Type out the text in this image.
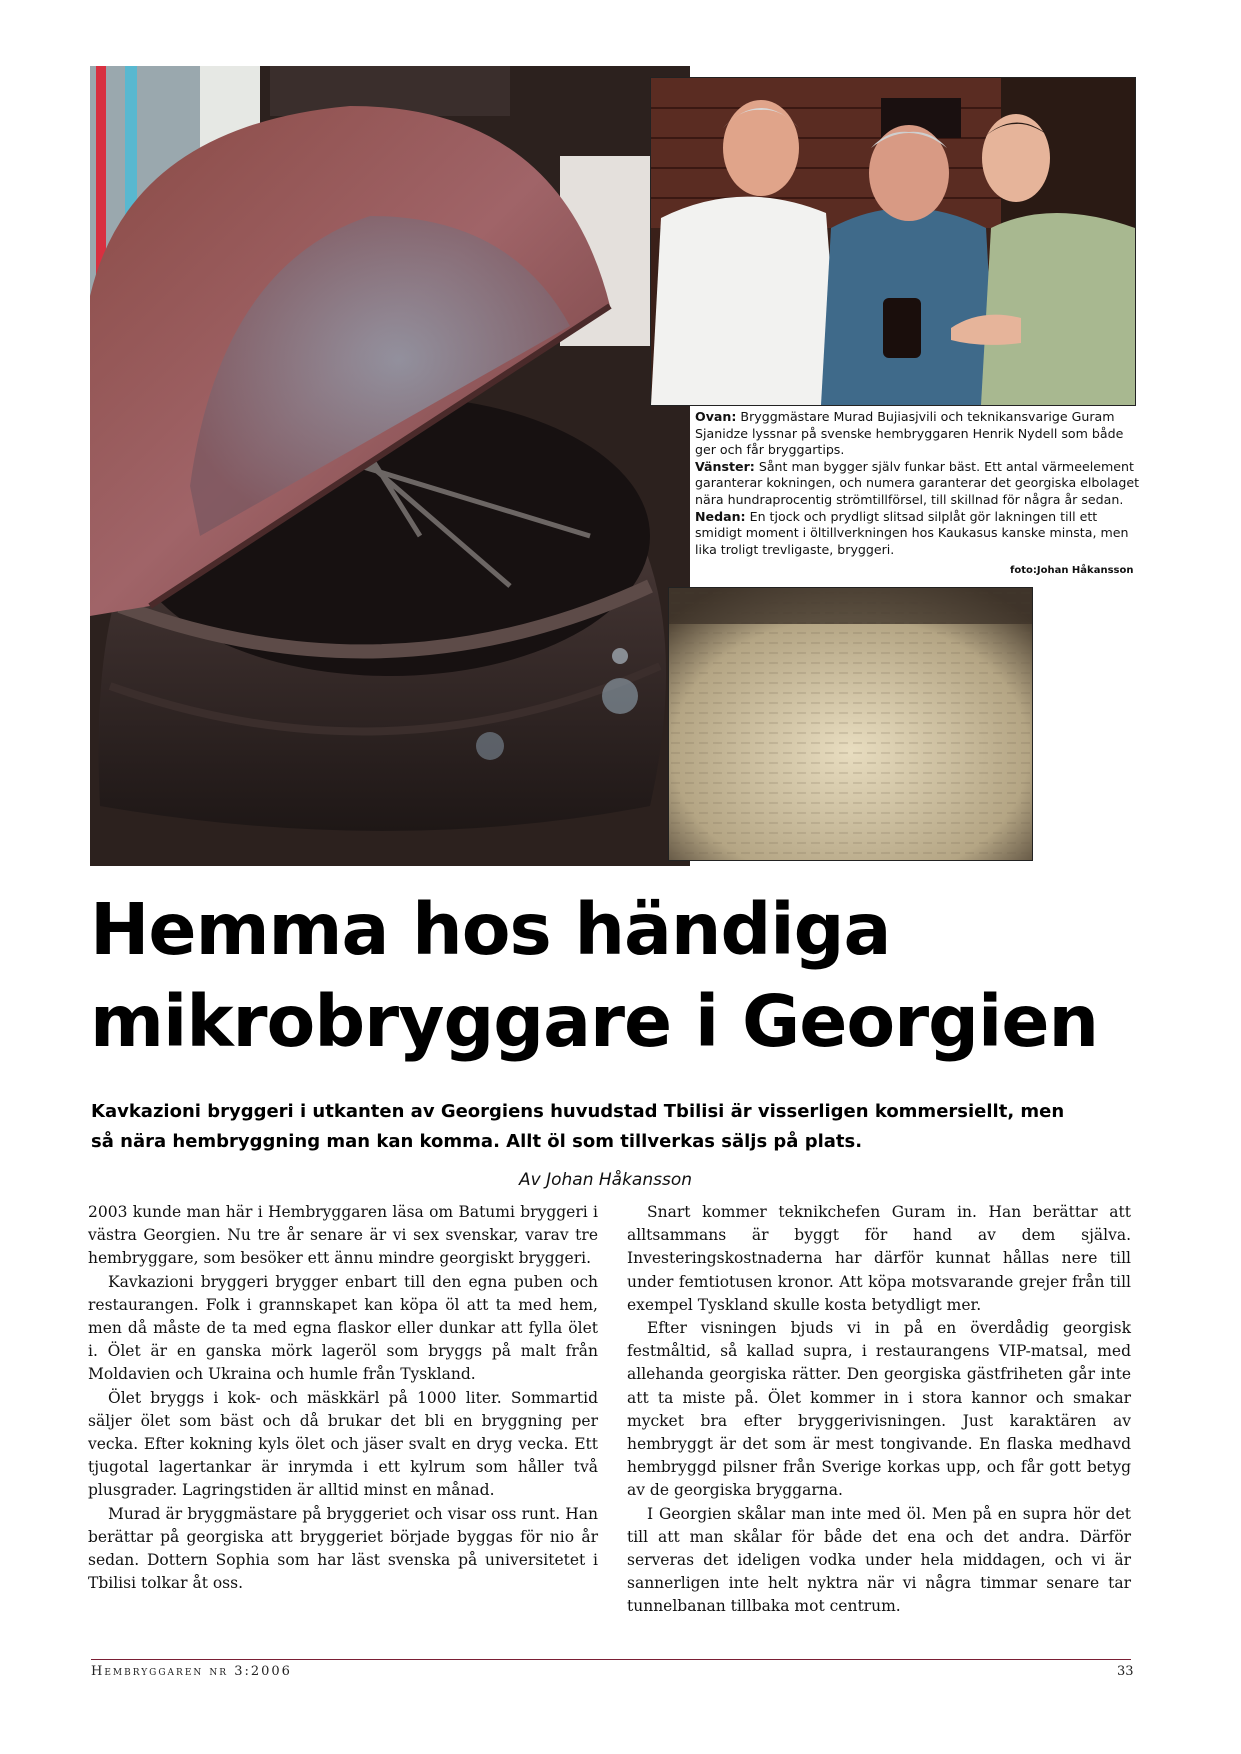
Ovan: Bryggmästare Murad Bujiasjvili och teknikansvarige Guram Sjanidze lyssnar på svenske hembryggaren Henrik Nydell som både ger och får bryggartips.

Vänster: Sånt man bygger själv funkar bäst. Ett antal värmeelement garanterar kokningen, och numera garanterar det georgiska elbolaget nära hundraprocentig strömtillförsel, till skillnad för några år sedan.

Nedan: En tjock och prydligt slitsad silplåt gör lakningen till ett smidigt moment i öltillverkningen hos Kaukasus kanske minsta, men lika troligt trevligaste, bryggeri.

foto:Johan Håkansson
Hemma hos händiga
mikrobryggare i Georgien

Kavkazioni bryggeri i utkanten av Georgiens huvudstad Tbilisi är visserligen kommersiellt, men så nära hembryggning man kan komma. Allt öl som tillverkas säljs på plats.

Av Johan Håkansson

2003 kunde man här i Hembryggaren läsa om Batumi bryggeri i västra Georgien. Nu tre år senare är vi sex svenskar, varav tre hembryggare, som besöker ett ännu mindre georgiskt bryggeri.

Kavkazioni bryggeri brygger enbart till den egna puben och restaurangen. Folk i grannskapet kan köpa öl att ta med hem, men då måste de ta med egna flaskor eller dunkar att fylla ölet i. Ölet är en ganska mörk lageröl som bryggs på malt från Moldavien och Ukraina och humle från Tyskland.

Ölet bryggs i kok- och mäskkärl på 1000 liter. Sommartid säljer ölet som bäst och då brukar det bli en bryggning per vecka. Efter kokning kyls ölet och jäser svalt en dryg vecka. Ett tjugotal lagertankar är inrymda i ett kylrum som håller två plusgrader. Lagringstiden är alltid minst en månad.

Murad är bryggmästare på bryggeriet och visar oss runt. Han berättar på georgiska att bryggeriet började byggas för nio år sedan. Dottern Sophia som har läst svenska på universitetet i Tbilisi tolkar åt oss.

Snart kommer teknikchefen Guram in. Han berättar att alltsammans är byggt för hand av dem själva. Investeringskostnaderna har därför kunnat hållas nere till under femtiotusen kronor. Att köpa motsvarande grejer från till exempel Tyskland skulle kosta betydligt mer.

Efter visningen bjuds vi in på en överdådig georgisk festmåltid, så kallad supra, i restaurangens VIP-matsal, med allehanda georgiska rätter. Den georgiska gästfriheten går inte att ta miste på. Ölet kommer in i stora kannor och smakar mycket bra efter bryggerivisningen. Just karaktären av hembryggt är det som är mest tongivande. En flaska medhavd hembryggd pilsner från Sverige korkas upp, och får gott betyg av de georgiska bryggarna.

I Georgien skålar man inte med öl. Men på en supra hör det till att man skålar för både det ena och det andra. Därför serveras det ideligen vodka under hela middagen, och vi är sannerligen inte helt nyktra när vi några timmar senare tar tunnelbanan tillbaka mot centrum.

Hembryggaren nr 3:2006	33
